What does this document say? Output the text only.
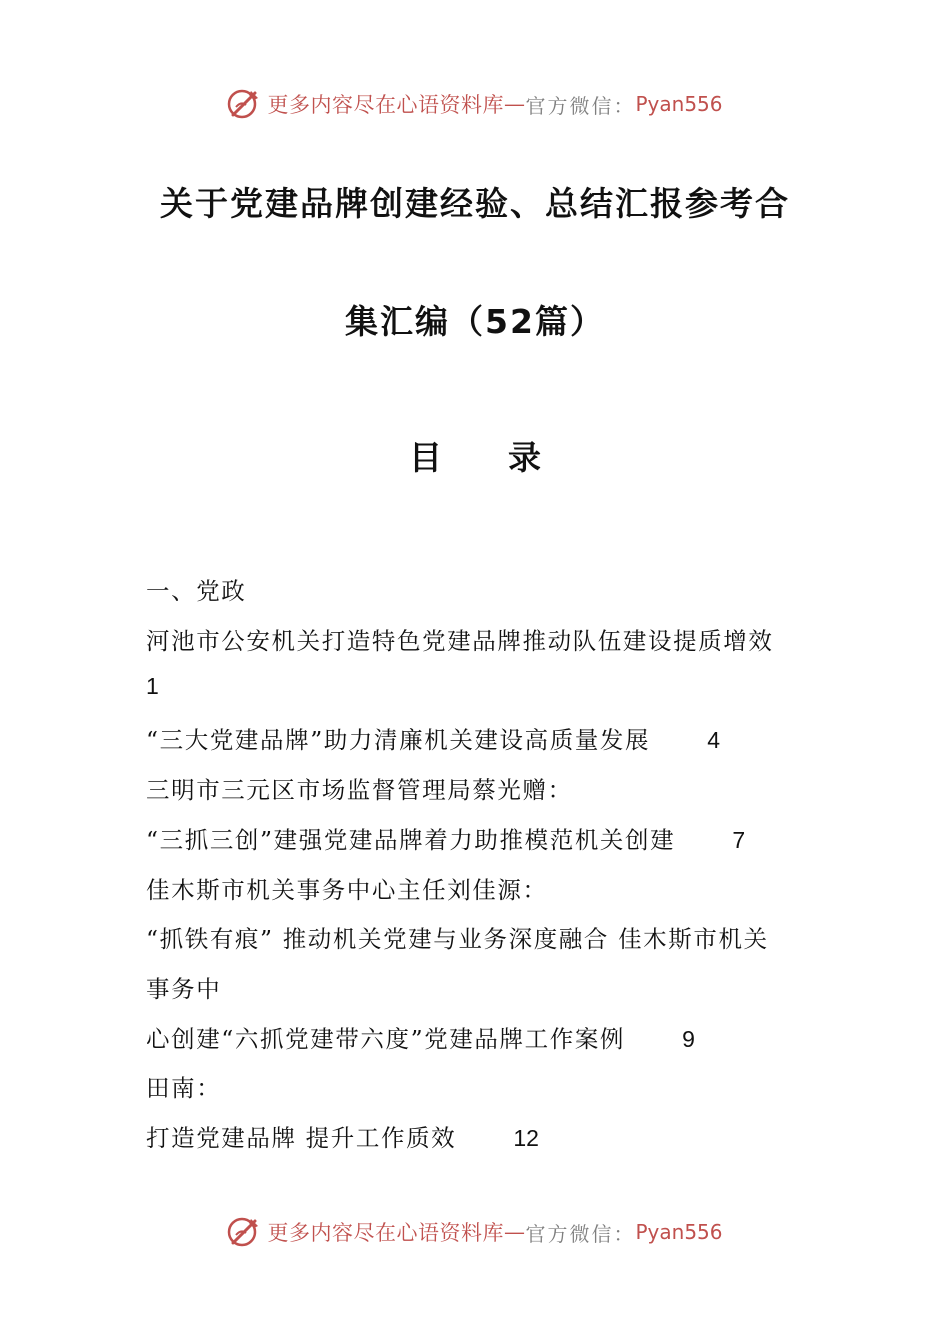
更多内容尽在心语资料库 — 官方微信： Pyan556
关于党建品牌创建经验、总结汇报参考合
集汇编（52篇）
目录
一、党政
河池市公安机关打造特色党建品牌推动队伍建设提质增效
1
“三大党建品牌”助力清廉机关建设高质量发展 4
三明市三元区市场监督管理局蔡光赠：
“三抓三创”建强党建品牌着力助推模范机关创建 7
佳木斯市机关事务中心主任刘佳源：
“抓铁有痕” 推动机关党建与业务深度融合 佳木斯市机关
事务中
心创建“六抓党建带六度”党建品牌工作案例 9
田南：
打造党建品牌 提升工作质效 12
更多内容尽在心语资料库 — 官方微信： Pyan556
